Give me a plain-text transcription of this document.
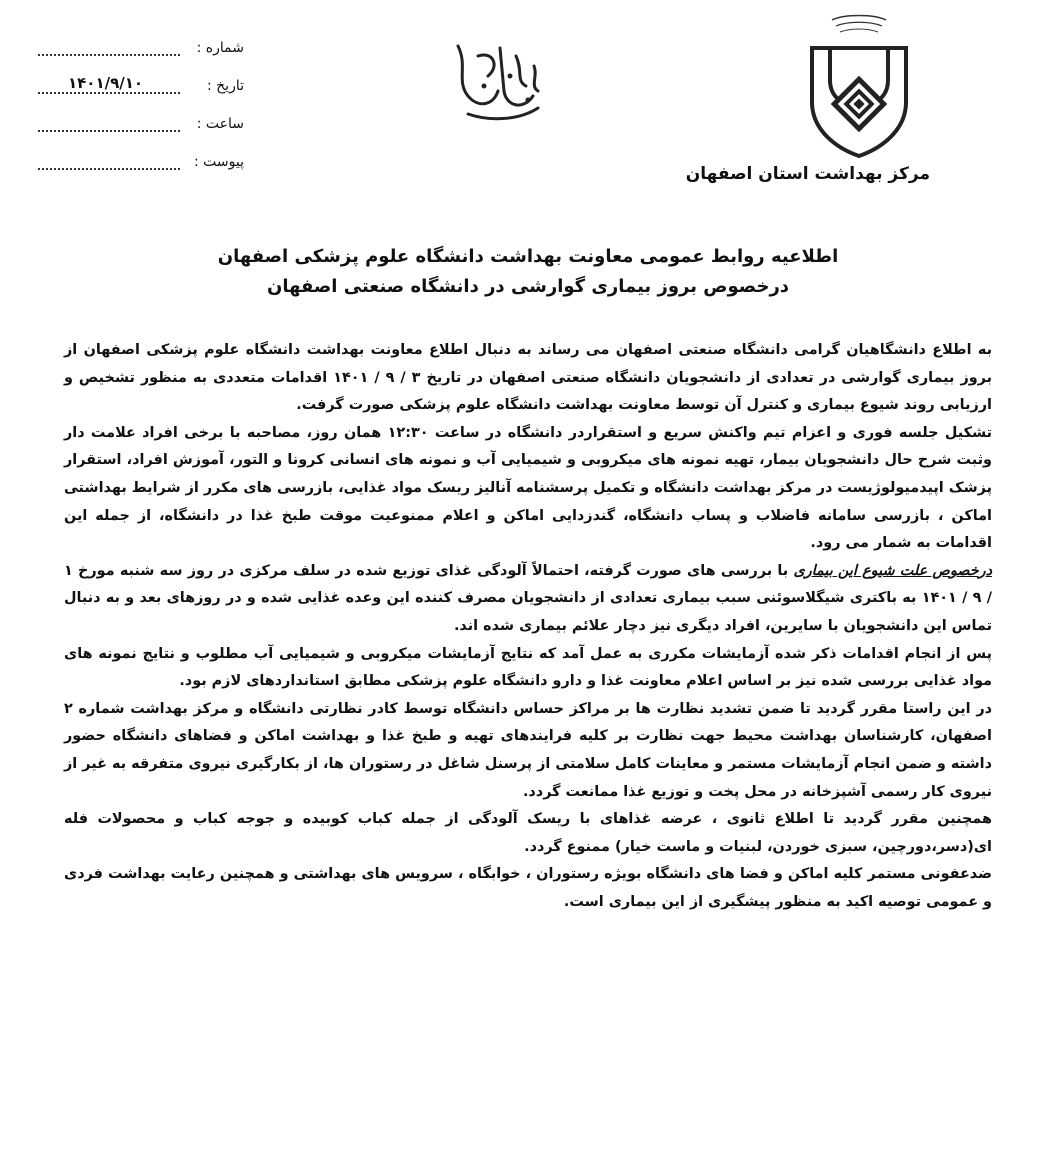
شماره :
تاریخ :
۱۴۰۱/۹/۱۰
ساعت :
پیوست :
مرکز بهداشت استان اصفهان
اطلاعیه روابط عمومی معاونت بهداشت دانشگاه علوم پزشکی اصفهان
درخصوص بروز بیماری گوارشی در دانشگاه صنعتی اصفهان

به اطلاع دانشگاهیان گرامی دانشگاه صنعتی اصفهان می رساند به دنبال اطلاع معاونت بهداشت دانشگاه علوم پزشکی اصفهان از بروز بیماری گوارشی در تعدادی از دانشجویان دانشگاه صنعتی اصفهان در تاریخ ۳ / ۹ / ۱۴۰۱ اقدامات متعددی به منظور تشخیص و ارزیابی روند شیوع بیماری و کنترل آن توسط معاونت بهداشت دانشگاه علوم پزشکی صورت گرفت.

تشکیل جلسه فوری و اعزام تیم واکنش سریع و استقراردر دانشگاه در ساعت ۱۲:۳۰ همان روز، مصاحبه با برخی افراد علامت دار وثبت شرح حال دانشجویان بیمار، تهیه نمونه های میکروبی و شیمیایی آب و نمونه های انسانی کرونا و التور، آموزش افراد، استقرار پزشک اپیدمیولوژیست در مرکز بهداشت دانشگاه و تکمیل پرسشنامه آنالیز ریسک مواد غذایی، بازرسی های مکرر از شرایط بهداشتی اماکن ، بازرسی سامانه فاضلاب و پساب دانشگاه، گندزدایی اماکن و اعلام ممنوعیت موقت طبخ غذا در دانشگاه، از جمله این اقدامات به شمار می رود.

درخصوص علت شیوع این بیماری با بررسی های صورت گرفته، احتمالاً آلودگی غذای توزیع شده در سلف مرکزی در روز سه شنبه مورخ ۱ / ۹ / ۱۴۰۱ به باکتری شیگلاسوئنی سبب بیماری تعدادی از دانشجویان مصرف کننده این وعده غذایی شده و در روزهای بعد و به دنبال تماس این دانشجویان با سایرین، افراد دیگری نیز دچار علائم بیماری شده اند.

پس از انجام اقدامات ذکر شده آزمایشات مکرری به عمل آمد که نتایج آزمایشات میکروبی و شیمیایی آب مطلوب و نتایج نمونه های مواد غذایی بررسی شده نیز بر اساس اعلام معاونت غذا و دارو دانشگاه علوم پزشکی مطابق استانداردهای لازم بود.

در این راستا مقرر گردید تا ضمن تشدید نظارت ها بر مراکز حساس دانشگاه توسط کادر نظارتی دانشگاه و مرکز بهداشت شماره ۲ اصفهان، کارشناسان بهداشت محیط جهت نظارت بر کلیه فرایندهای تهیه و طبخ غذا و بهداشت اماکن و فضاهای دانشگاه حضور داشته و ضمن انجام آزمایشات مستمر و معاینات کامل سلامتی از پرسنل شاغل در رستوران ها، از بکارگیری نیروی متفرقه به غیر از نیروی کار رسمی آشپزخانه در محل پخت و توزیع غذا ممانعت گردد.

همچنین مقرر گردید تا اطلاع ثانوی ، عرضه غذاهای با ریسک آلودگی از جمله کباب کوبیده و جوجه کباب و محصولات فله ای(دسر،دورچین، سبزی خوردن، لبنیات و ماست خیار) ممنوع گردد.

ضدعفونی مستمر کلیه اماکن و فضا های دانشگاه بویژه رستوران ، خوابگاه ، سرویس های بهداشتی و همچنین رعایت بهداشت فردی و عمومی توصیه اکید به منظور پیشگیری از این بیماری است.
